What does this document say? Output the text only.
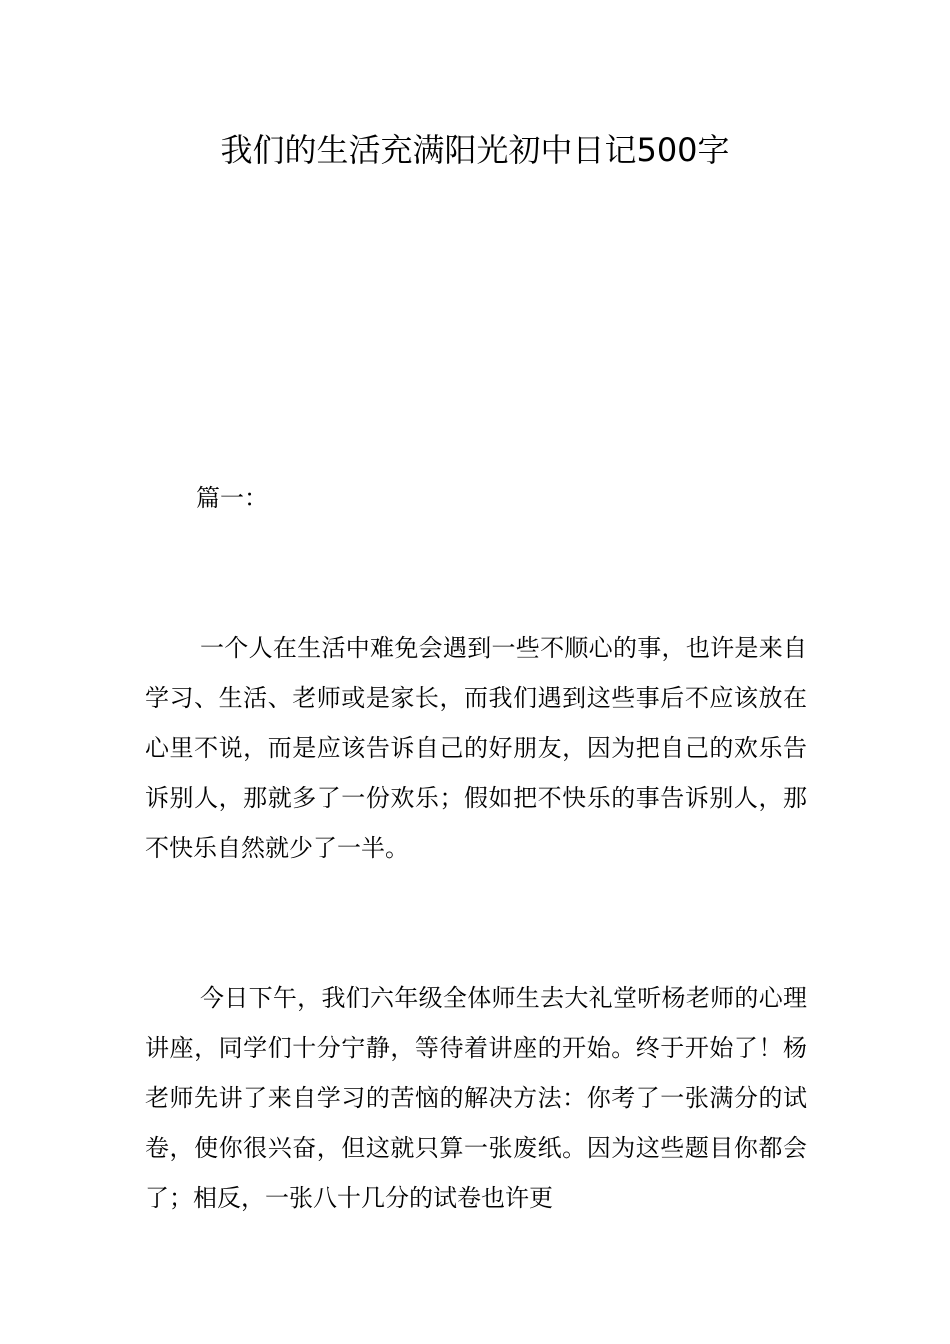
我们的生活充满阳光初中日记500字
篇一：

一个人在生活中难免会遇到一些不顺心的事，也许是来自学习、生活、老师或是家长，而我们遇到这些事后不应该放在心里不说，而是应该告诉自己的好朋友，因为把自己的欢乐告诉别人，那就多了一份欢乐；假如把不快乐的事告诉别人，那不快乐自然就少了一半。

今日下午，我们六年级全体师生去大礼堂听杨老师的心理讲座，同学们十分宁静，等待着讲座的开始。终于开始了！杨老师先讲了来自学习的苦恼的解决方法：你考了一张满分的试卷，使你很兴奋，但这就只算一张废纸。因为这些题目你都会了；相反，一张八十几分的试卷也许更
